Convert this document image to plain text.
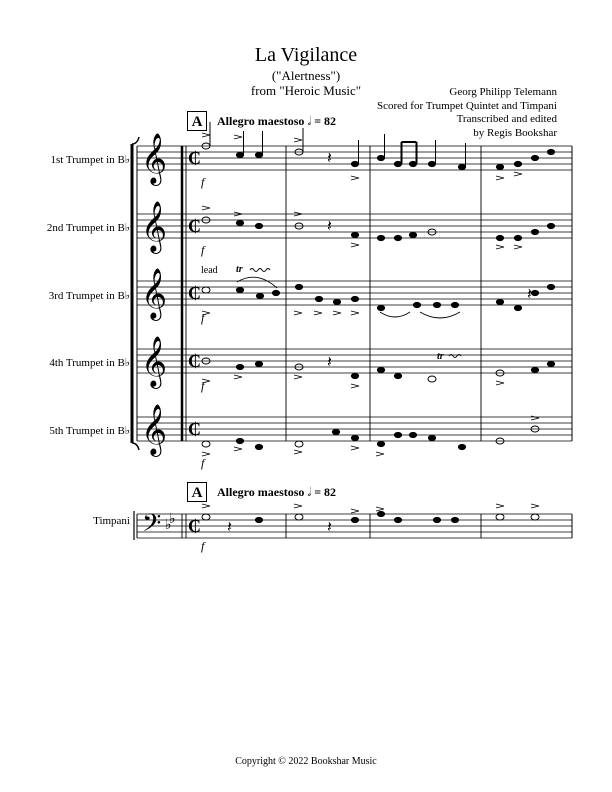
La Vigilance
("Alertness")
from "Heroic Music"	Georg Philipp Telemann
Scored for Trumpet Quintet and Timpani
Transcribed and edited
by Regis Bookshar
A	Allegro maestoso 𝅗𝅥 = 82
A	Allegro maestoso 𝅗𝅥 = 82
1st Trumpet in B♭
2nd Trumpet in B♭
3rd Trumpet in B♭
4th Trumpet in B♭
5th Trumpet in B♭
Timpani
f
f
f
f
f
f
lead tr
tr
𝄞
𝄞
𝄞
𝄞
𝄞
𝄢 ♭
♭
₵
₵
₵
₵
₵
₵
𝄽
𝄽
𝄽
𝄽	𝄽
𝄽
Copyright © 2022 Bookshar Music
